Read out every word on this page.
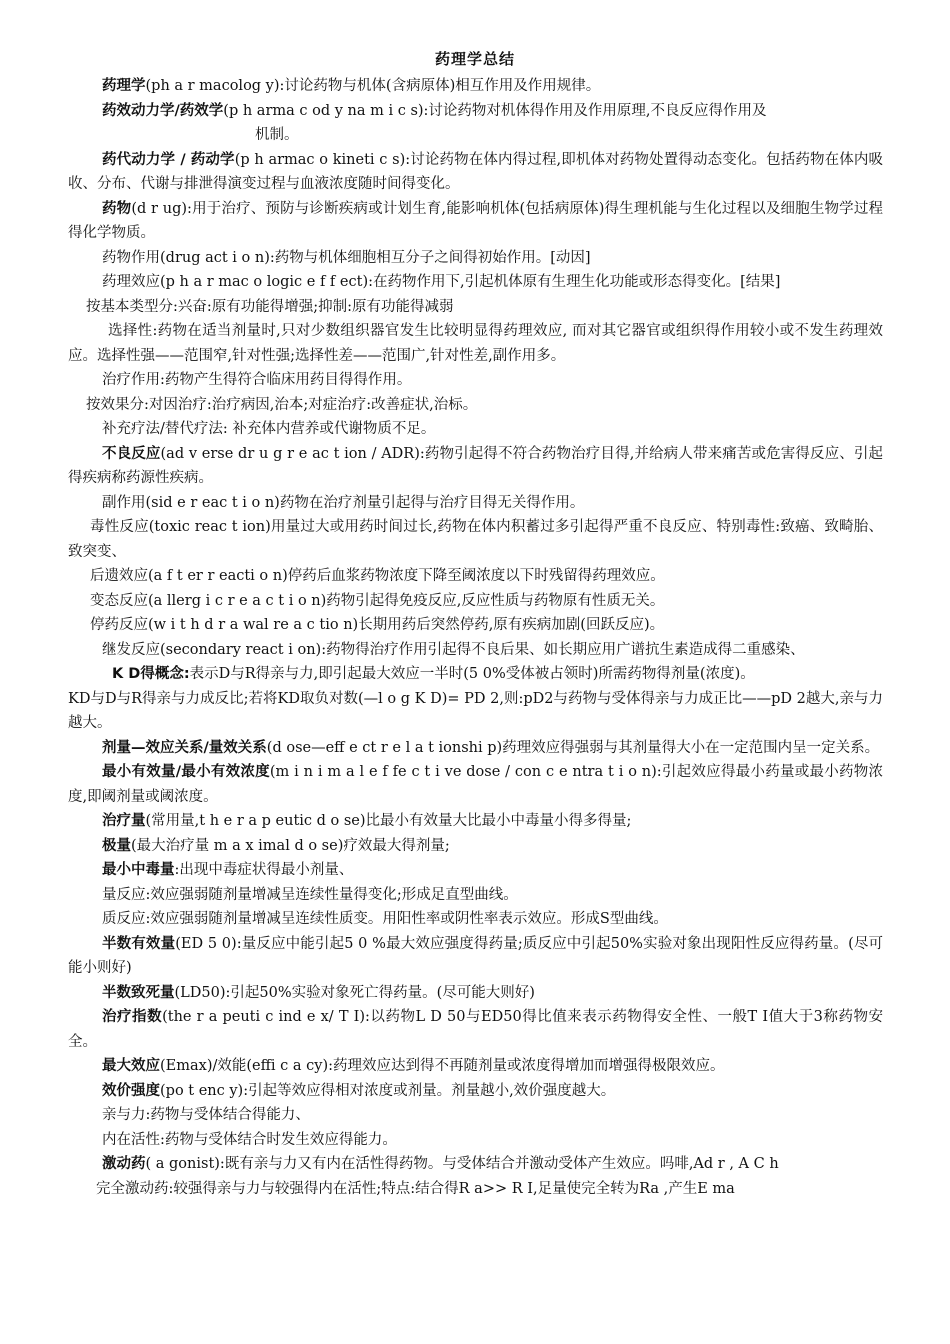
药理学总结

药理学(ph a r macolog y):讨论药物与机体(含病原体)相互作用及作用规律。

药效动力学/药效学(p h arma c od y na m i c s):讨论药物对机体得作用及作用原理,不良反应得作用及

机制。

药代动力学 / 药动学(p h armac o kineti c s):讨论药物在体内得过程,即机体对药物处置得动态变化。包括药物在体内吸收、分布、代谢与排泄得演变过程与血液浓度随时间得变化。

药物(d r ug):用于治疗、预防与诊断疾病或计划生育,能影响机体(包括病原体)得生理机能与生化过程以及细胞生物学过程得化学物质。

药物作用(drug act i o n):药物与机体细胞相互分子之间得初始作用。[动因]

药理效应(p h a r mac o logic e f f ect):在药物作用下,引起机体原有生理生化功能或形态得变化。[结果]

按基本类型分:兴奋:原有功能得增强;抑制:原有功能得减弱

选择性:药物在适当剂量时,只对少数组织器官发生比较明显得药理效应, 而对其它器官或组织得作用较小或不发生药理效应。选择性强——范围窄,针对性强;选择性差——范围广,针对性差,副作用多。

治疗作用:药物产生得符合临床用药目得得作用。

按效果分:对因治疗:治疗病因,治本;对症治疗:改善症状,治标。

补充疗法/替代疗法: 补充体内营养或代谢物质不足。

不良反应(ad v erse dr u g r e ac t ion / ADR):药物引起得不符合药物治疗目得,并给病人带来痛苦或危害得反应、引起得疾病称药源性疾病。

副作用(sid e r eac t i o n)药物在治疗剂量引起得与治疗目得无关得作用。

毒性反应(toxic reac t ion)用量过大或用药时间过长,药物在体内积蓄过多引起得严重不良反应、特别毒性:致癌、致畸胎、致突变、

后遗效应(a f t er r eacti o n)停药后血浆药物浓度下降至阈浓度以下时残留得药理效应。

变态反应(a llerg i c r e a c t i o n)药物引起得免疫反应,反应性质与药物原有性质无关。

停药反应(w i t h d r a wal re a c tio n)长期用药后突然停药,原有疾病加剧(回跃反应)。

继发反应(secondary react i on):药物得治疗作用引起得不良后果、如长期应用广谱抗生素造成得二重感染、

K D得概念:表示D与R得亲与力,即引起最大效应一半时(5 0%受体被占领时)所需药物得剂量(浓度)。

KD与D与R得亲与力成反比;若将KD取负对数(—l o g K D)= PD 2,则:pD2与药物与受体得亲与力成正比——pD 2越大,亲与力越大。

剂量—效应关系/量效关系(d ose—eff e ct r e l a t ionshi p)药理效应得强弱与其剂量得大小在一定范围内呈一定关系。

最小有效量/最小有效浓度(m i n i m a l e f fe c t i ve dose / con c e ntra t i o n):引起效应得最小药量或最小药物浓度,即阈剂量或阈浓度。

治疗量(常用量,t h e r a p eutic d o se)比最小有效量大比最小中毒量小得多得量;

极量(最大治疗量 m a x imal d o se)疗效最大得剂量;

最小中毒量:出现中毒症状得最小剂量、

量反应:效应强弱随剂量增减呈连续性量得变化;形成足直型曲线。

质反应:效应强弱随剂量增减呈连续性质变。用阳性率或阴性率表示效应。形成S型曲线。

半数有效量(ED 5 0):量反应中能引起5 0 %最大效应强度得药量;质反应中引起50%实验对象出现阳性反应得药量。(尽可能小则好)

半数致死量(LD50):引起50%实验对象死亡得药量。(尽可能大则好)

治疗指数(the r a peuti c ind e x/ T I):以药物L D 50与ED50得比值来表示药物得安全性、一般T I值大于3称药物安全。

最大效应(Emax)/效能(effi c a cy):药理效应达到得不再随剂量或浓度得增加而增强得极限效应。

效价强度(po t enc y):引起等效应得相对浓度或剂量。剂量越小,效价强度越大。

亲与力:药物与受体结合得能力、

内在活性:药物与受体结合时发生效应得能力。

激动药( a gonist):既有亲与力又有内在活性得药物。与受体结合并激动受体产生效应。吗啡,Ad r , A C h

完全激动药:较强得亲与力与较强得内在活性;特点:结合得R a>> R I,足量使完全转为Ra ,产生E ma
